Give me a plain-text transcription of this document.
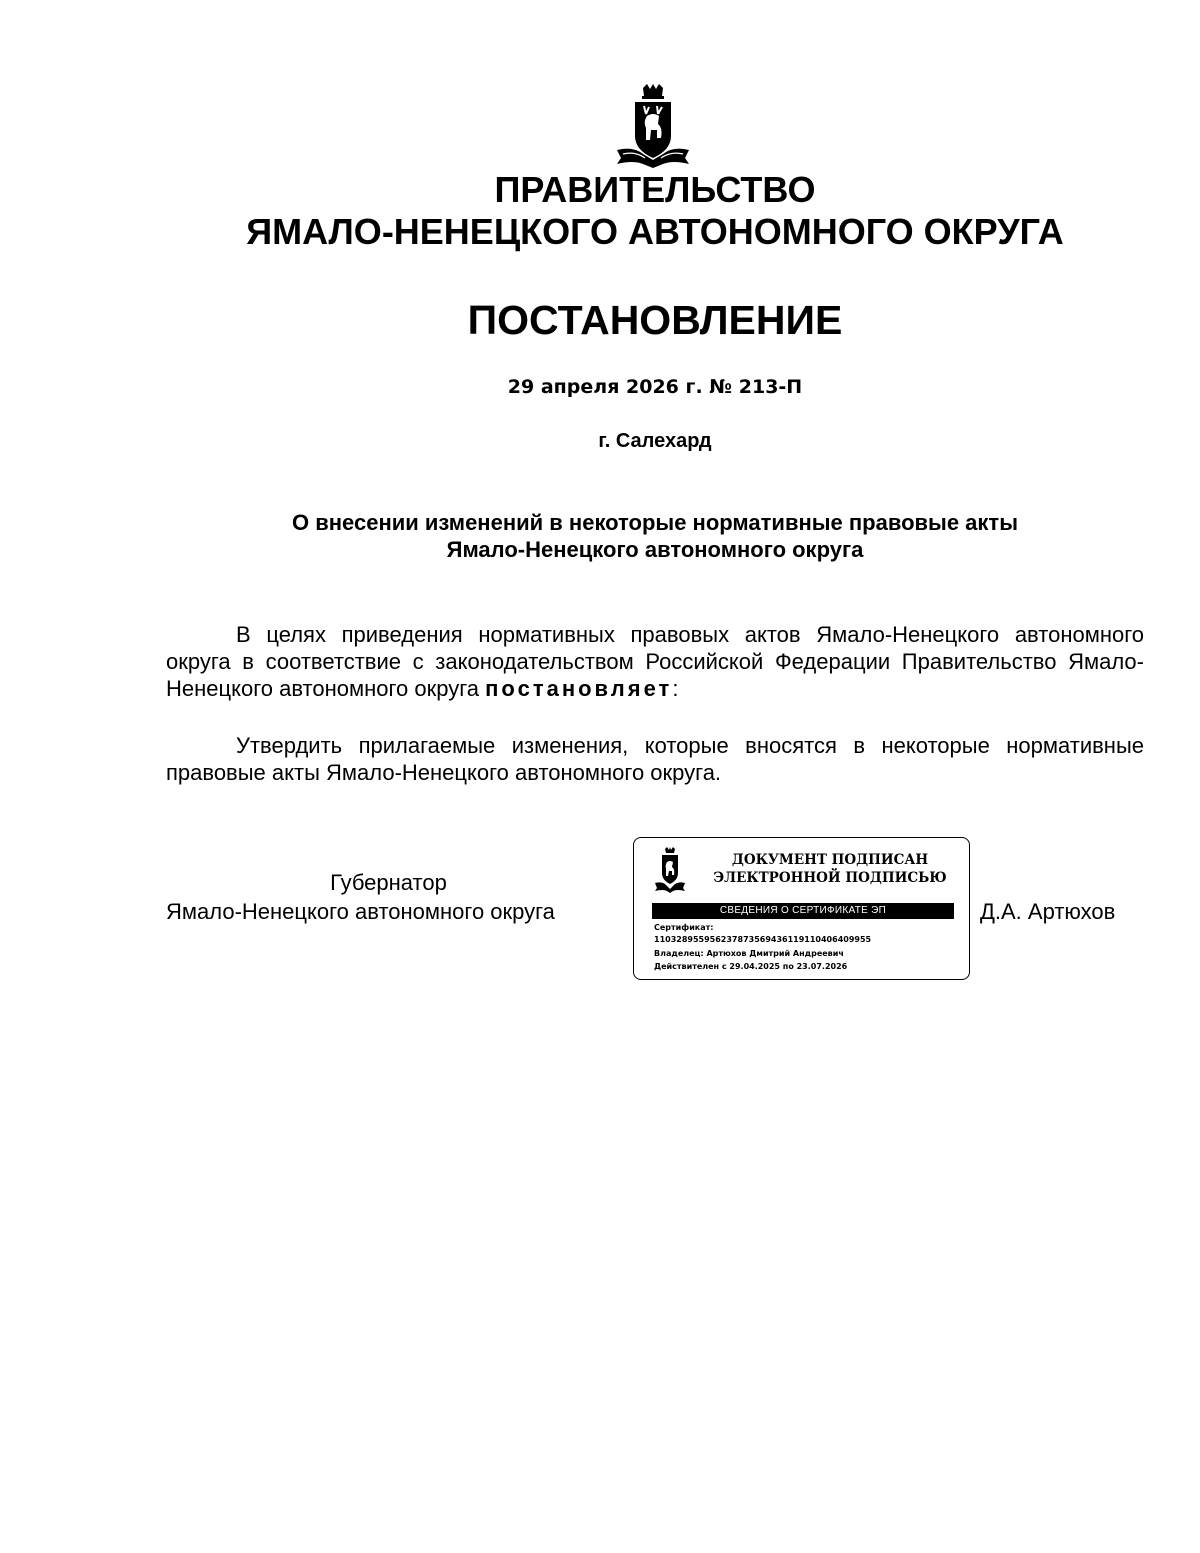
ПРАВИТЕЛЬСТВО
ЯМАЛО-НЕНЕЦКОГО АВТОНОМНОГО ОКРУГА
ПОСТАНОВЛЕНИЕ
29 апреля 2026 г. № 213-П
г. Салехард
О внесении изменений в некоторые нормативные правовые акты
Ямало-Ненецкого автономного округа

В целях приведения нормативных правовых актов Ямало-Ненецкого автономного округа в соответствие с законодательством Российской Федерации Правительство Ямало-Ненецкого автономного округа постановляет:

Утвердить прилагаемые изменения, которые вносятся в некоторые нормативные правовые акты Ямало-Ненецкого автономного округа.

Губернатор
Ямало-Ненецкого автономного округа	Д.А. Артюхов
ДОКУМЕНТ ПОДПИСАН
ЭЛЕКТРОННОЙ ПОДПИСЬЮ
СВЕДЕНИЯ О СЕРТИФИКАТЕ ЭП
Сертификат:
11032895595623787356943611911040​6409955
Владелец: Артюхов Дмитрий Андреевич
Действителен с 29.04.2025 по 23.07.2026
